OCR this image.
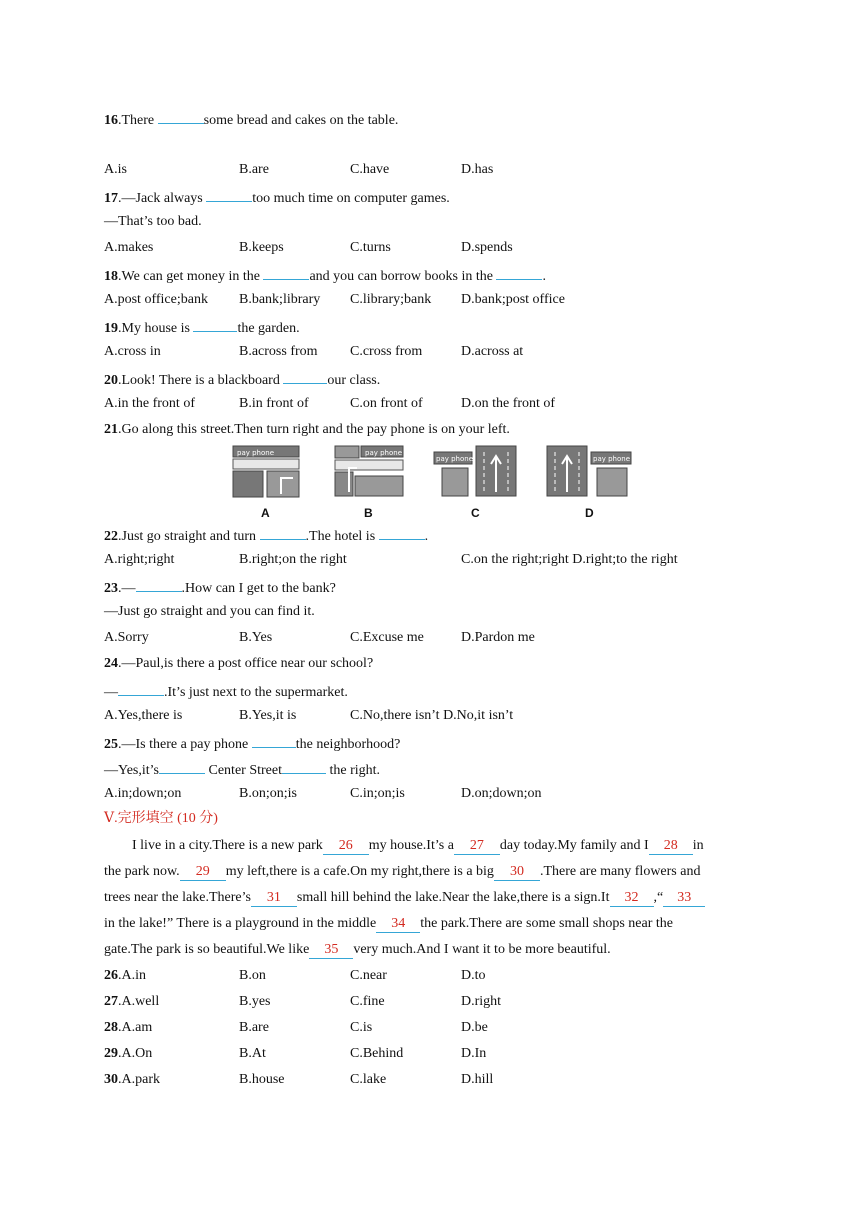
16.There	some bread and cakes on the table.
A.is	B.are	C.have	D.has
17.—Jack always	too much time on computer games.
—That’s too bad.
A.makes	B.keeps	C.turns	D.spends
18.We can get money in the	and you can borrow books in the	.
A.post office;bank B.bank;library C.library;bank D.bank;post office
19.My house is	the garden.
A.cross in	B.across from C.cross from	D.across at
20.Look! There is a blackboard	our class.
A.in the front of	B.in front of	C.on front of	D.on the front of
21.Go along this street.Then turn right and the pay phone is on your left.
pay phone	pay phone
pay phone	pay phone
A	B	C	D
22.Just go straight and turn	.The hotel is	.
A.right;right	B.right;on the right	C.on the right;right D.right;to the right
23.—	.How can I get to the bank?
—Just go straight and you can find it.
A.Sorry	B.Yes	C.Excuse me	D.Pardon me
24.—Paul,is there a post office near our school?
—	.It’s just next to the supermarket.
A.Yes,there is	B.Yes,it is	C.No,there isn’t D.No,it isn’t
25.—Is there a pay phone	the neighborhood?
—Yes,it’s	Center Street	the right.
A.in;down;on	B.on;on;is	C.in;on;is	D.on;down;on
Ⅴ.完形填空 (10 分)
I live in a city.There is a new park 26 my house.It’s a 27 day today.My family and I 28 in
the park now. 29 my left,there is a cafe.On my right,there is a big 30 .There are many flowers and
trees near the lake.There’s 31 small hill behind the lake.Near the lake,there is a sign.It 32 ,“ 33
in the lake!” There is a playground in the middle 34 the park.There are some small shops near the
gate.The park is so beautiful.We like 35 very much.And I want it to be more beautiful.
26.A.in	B.on	C.near	D.to
27.A.well	B.yes	C.fine	D.right
28.A.am	B.are	C.is	D.be
29.A.On	B.At	C.Behind	D.In
30.A.park	B.house	C.lake	D.hill
